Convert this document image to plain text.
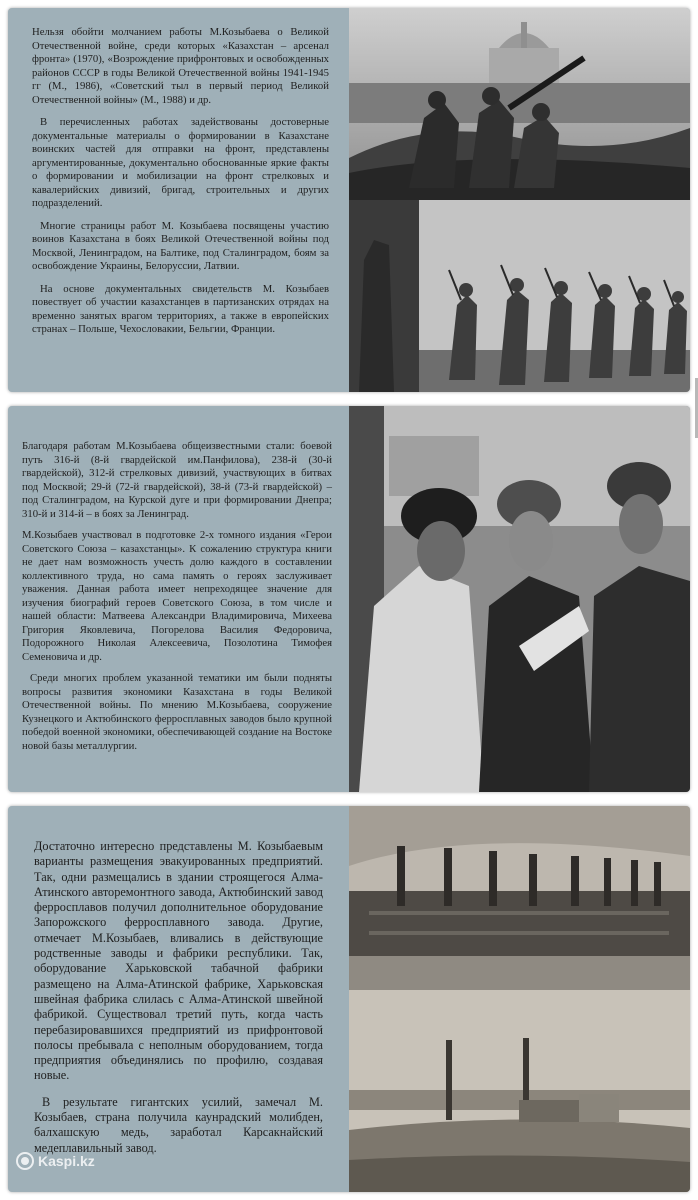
Нельзя обойти молчанием работы М.Козыбаева о Великой Отечественной войне, среди которых «Казахстан – арсенал фронта» (1970), «Возрождение прифронтовых и освобожденных районов СССР в годы Великой Отечественной войны 1941-1945 гг (М., 1986), «Советский тыл в первый период Великой Отечественной войны» (М., 1988) и др.

В перечисленных работах задействованы достоверные документальные материалы о формировании в Казахстане воинских частей для отправки на фронт, представлены аргументированные, документально обоснованные яркие факты о формировании и мобилизации на фронт стрелковых и кавалерийских дивизий, бригад, строительных и других подразделений.

Многие страницы работ М. Козыбаева посвящены участию воинов Казахстана в боях Великой Отечественной войны под Москвой, Ленинградом, на Балтике, под Сталинградом, боям за освобождение Украины, Белоруссии, Латвии.

На основе документальных свидетельств М. Козыбаев повествует об участии казахстанцев в партизанских отрядах на временно занятых врагом территориях, а также в европейских странах – Польше, Чехословакии, Бельгии, Франции.

Благодаря работам М.Козыбаева общеизвестными стали: боевой путь 316-й (8-й гвардейской им.Панфилова), 238-й (30-й гвардейской), 312-й стрелковых дивизий, участвующих в битвах под Москвой; 29-й (72-й гвардейской), 38-й (73-й гвардейской) – под Сталинградом, на Курской дуге и при формировании Днепра; 310-й и 314-й – в боях за Ленинград.

М.Козыбаев участвовал в подготовке 2-х томного издания «Герои Советского Союза – казахстанцы». К сожалению структура книги не дает нам возможность учесть долю каждого в составлении коллективного труда, но сама память о героях заслуживает уважения. Данная работа имеет непреходящее значение для изучения биографий героев Советского Союза, в том числе и нашей области: Матвеева Александри Владимировича, Михеева Григория Яковлевича, Погорелова Василия Федоровича, Подорожного Николая Алексеевича, Позолотина Тимофея Семеновича и др.

Среди многих проблем указанной тематики им были подняты вопросы развития экономики Казахстана в годы Великой Отечественной войны. По мнению М.Козыбаева, сооружение Кузнецкого и Актюбинского ферросплавных заводов было крупной победой военной экономики, обеспечивающей создание на Востоке новой базы металлургии.

Достаточно интересно представлены М. Козыбаевым варианты размещения эвакуированных предприятий. Так, одни размещались в здании строящегося Алма-Атинского авторемонтного завода, Актюбинский завод ферросплавов получил дополнительное оборудование Запорожского ферросплавного завода. Другие, отмечает М.Козыбаев, вливались в действующие родственные заводы и фабрики республики. Так, оборудование Харьковской табачной фабрики размещено на Алма-Атинской фабрике, Харьковская швейная фабрика слилась с Алма-Атинской швейной фабрикой. Существовал третий путь, когда часть перебазировавшихся предприятий из прифронтовой полосы пребывала с неполным оборудованием, тогда предприятия объединялись по профилю, создавая новые.

В результате гигантских усилий, замечал М. Козыбаев, страна получила каунрадский молибден, балхашскую медь, заработал Карсакнайский медеплавильный завод.

Kaspi.kz
